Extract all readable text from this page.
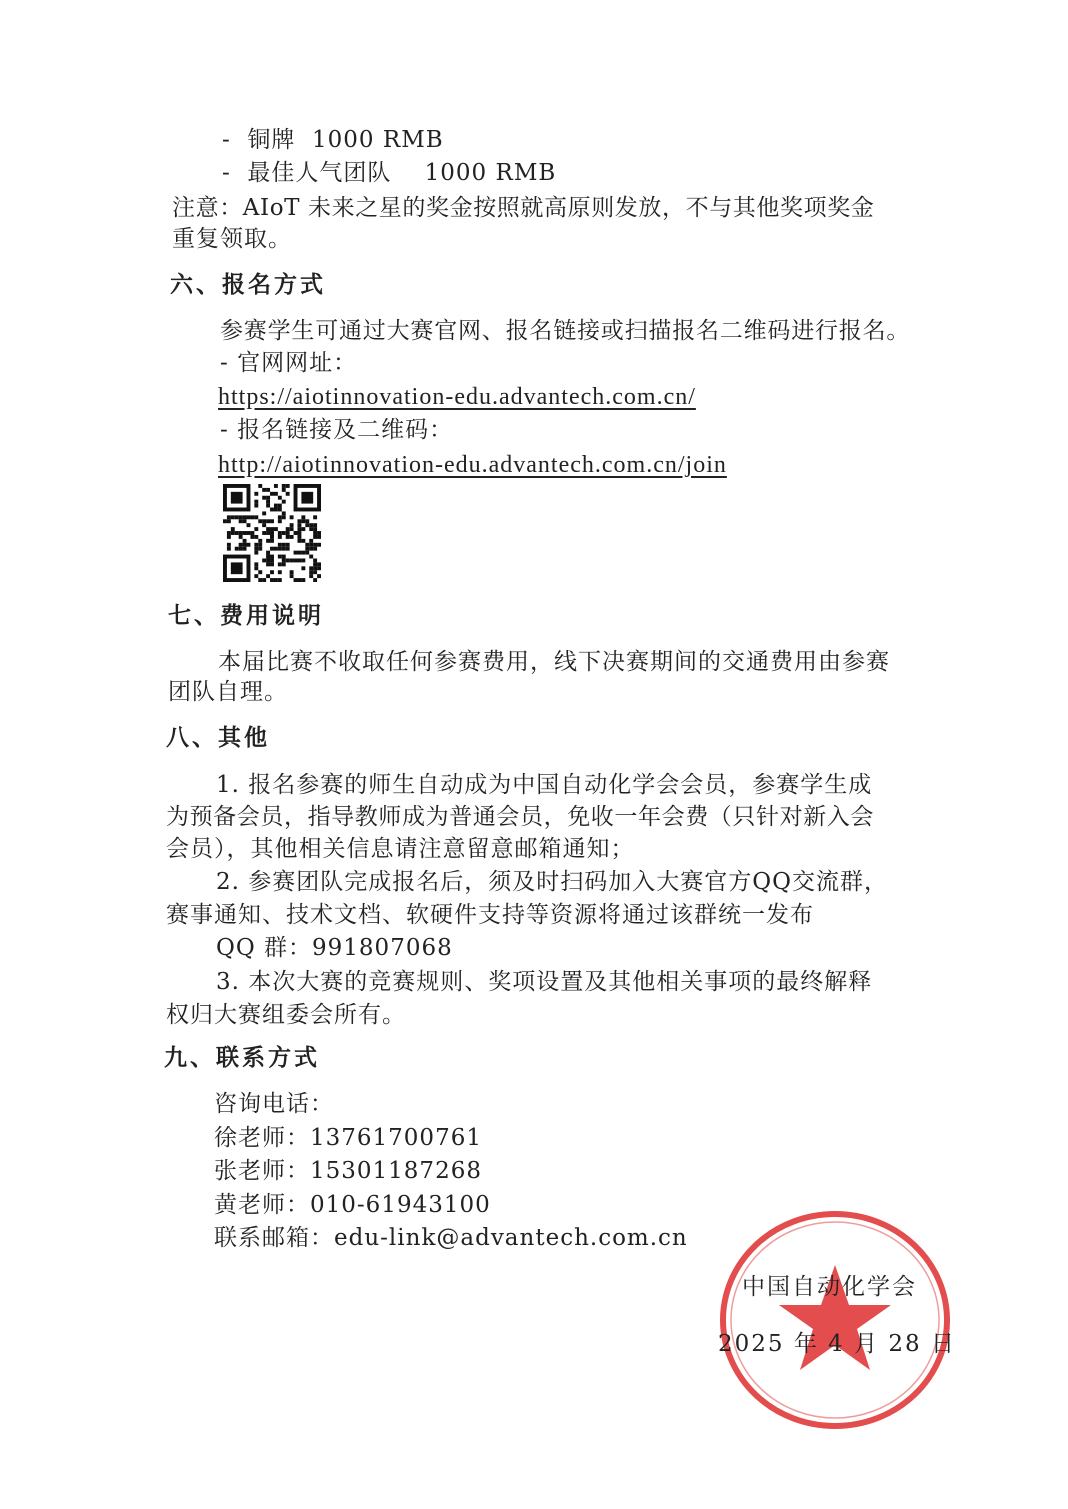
- 铜牌 1000 RMB
- 最佳人气团队 1000 RMB
注意：AIoT 未来之星的奖金按照就高原则发放，不与其他奖项奖金
重复领取。
六、报名方式
参赛学生可通过大赛官网、报名链接或扫描报名二维码进行报名。
- 官网网址：
https://aiotinnovation-edu.advantech.com.cn/
- 报名链接及二维码：
http://aiotinnovation-edu.advantech.com.cn/join
七、费用说明
本届比赛不收取任何参赛费用，线下决赛期间的交通费用由参赛
团队自理。
八、其他
1. 报名参赛的师生自动成为中国自动化学会会员，参赛学生成
为预备会员，指导教师成为普通会员，免收一年会费（只针对新入会
会员），其他相关信息请注意留意邮箱通知；
2. 参赛团队完成报名后，须及时扫码加入大赛官方QQ交流群，
赛事通知、技术文档、软硬件支持等资源将通过该群统一发布
QQ 群：991807068
3. 本次大赛的竞赛规则、奖项设置及其他相关事项的最终解释
权归大赛组委会所有。
九、联系方式
咨询电话：
徐老师：13761700761
张老师：15301187268
黄老师：010-61943100
联系邮箱：edu-link@advantech.com.cn
中国自动化学会
2025 年 4 月 28 日
